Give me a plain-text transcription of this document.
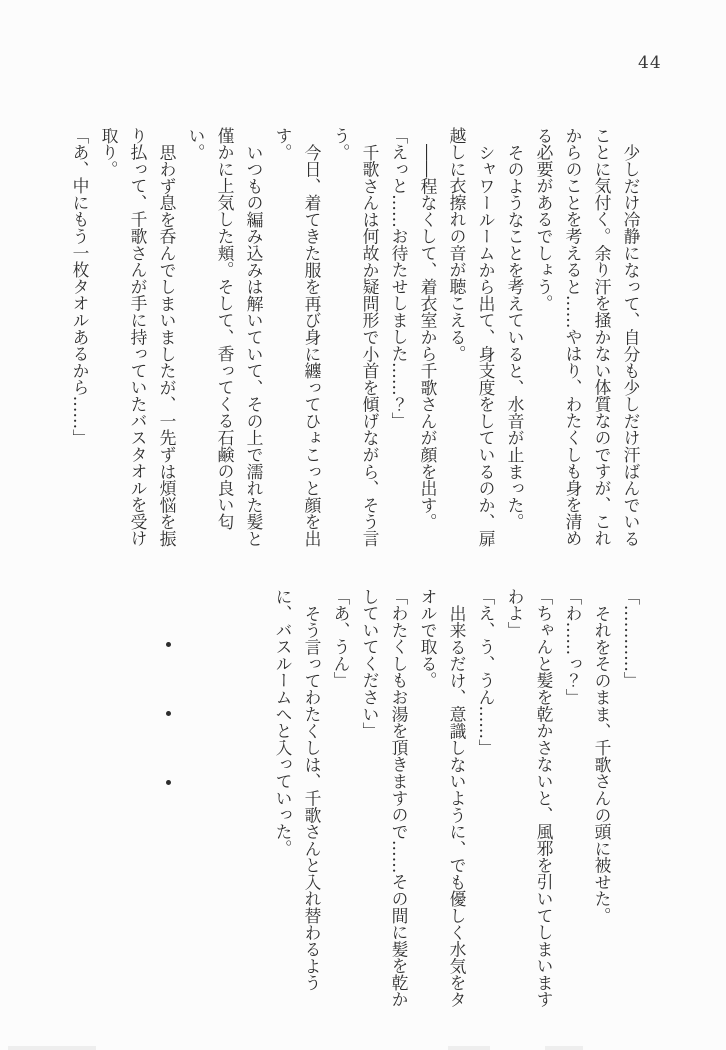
44

少しだけ冷静になって、自分も少しだけ汗ばんでいることに気付く。余り汗を掻かない体質なのですが、これからのことを考えると……やはり、わたくしも身を清める必要があるでしょう。

そのようなことを考えていると、水音が止まった。

シャワールームから出て、身支度をしているのか、扉越しに衣擦れの音が聴こえる。

――程なくして、着衣室から千歌さんが顔を出す。

「えっと……お待たせしました……？」

千歌さんは何故か疑問形で小首を傾げながら、そう言う。

今日、着てきた服を再び身に纏ってひょこっと顔を出す。

いつもの編み込みは解いていて、その上で濡れた髪と僅かに上気した頬。そして、香ってくる石鹸の良い匂い。

思わず息を呑んでしまいましたが、一先ずは煩悩を振り払って、千歌さんが手に持っていたバスタオルを受け取り。

「あ、中にもう一枚タオルあるから……」

「…………」

それをそのまま、千歌さんの頭に被せた。

「わ……っ？」

「ちゃんと髪を乾かさないと、風邪を引いてしまいますわよ」

「え、う、うん……」

出来るだけ、意識しないように、でも優しく水気をタオルで取る。

「わたくしもお湯を頂きますので……その間に髪を乾かしていてください」

「あ、うん」

そう言ってわたくしは、千歌さんと入れ替わるように、バスルームへと入っていった。
